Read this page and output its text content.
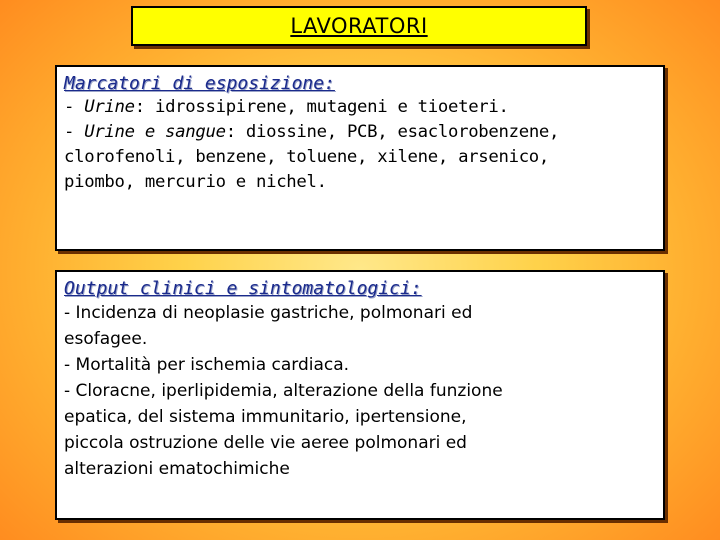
LAVORATORI
Marcatori di esposizione:
- Urine: idrossipirene, mutageni e tioeteri.
- Urine e sangue: diossine, PCB, esaclorobenzene,
clorofenoli, benzene, toluene, xilene, arsenico,
piombo, mercurio e nichel.
Output clinici e sintomatologici:
- Incidenza di neoplasie gastriche, polmonari ed
esofagee.
- Mortalità per ischemia cardiaca.
- Cloracne, iperlipidemia, alterazione della funzione
epatica, del sistema immunitario, ipertensione,
piccola ostruzione delle vie aeree polmonari ed
alterazioni ematochimiche
